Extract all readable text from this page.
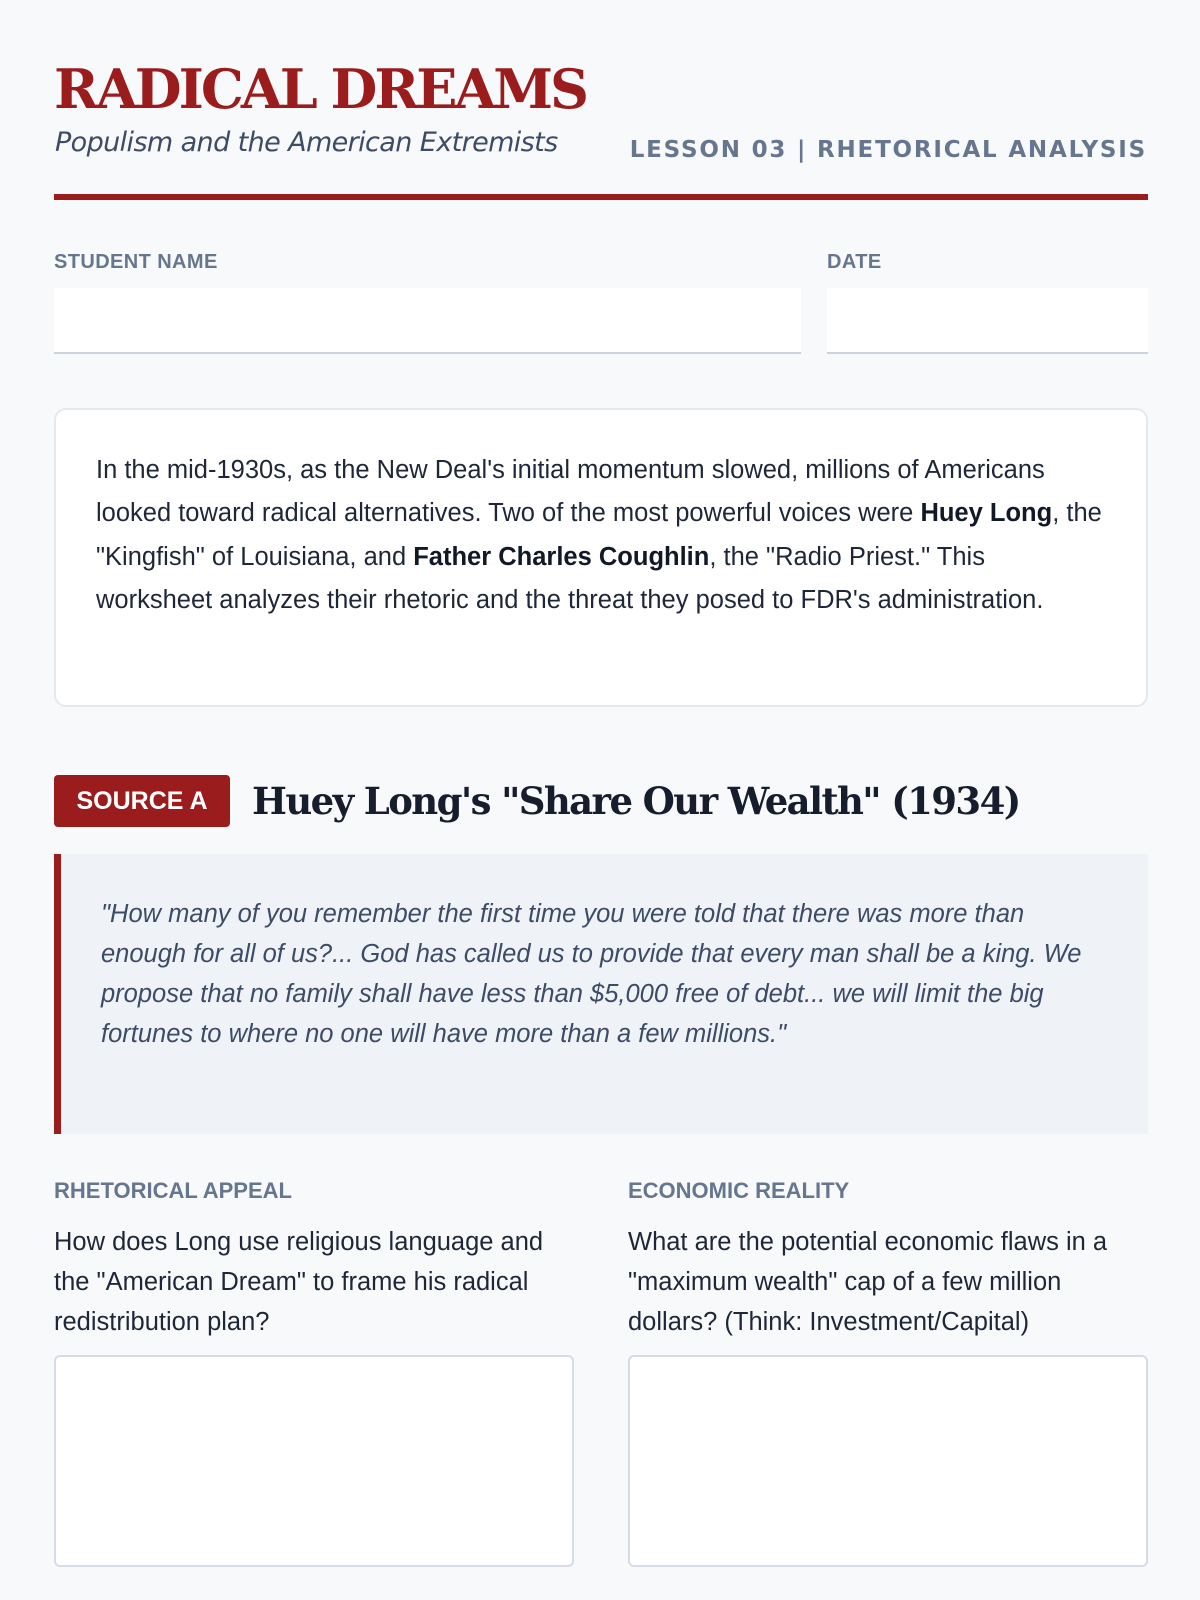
RADICAL DREAMS
Populism and the American Extremists	LESSON 03 | RHETORICAL ANALYSIS
STUDENT NAME	DATE

In the mid-1930s, as the New Deal's initial momentum slowed, millions of Americans looked toward radical alternatives. Two of the most powerful voices were Huey Long, the "Kingfish" of Louisiana, and Father Charles Coughlin, the "Radio Priest." This worksheet analyzes their rhetoric and the threat they posed to FDR's administration.

SOURCE A	Huey Long's "Share Our Wealth" (1934)

"How many of you remember the first time you were told that there was more than enough for all of us?... God has called us to provide that every man shall be a king. We propose that no family shall have less than $5,000 free of debt... we will limit the big fortunes to where no one will have more than a few millions."

RHETORICAL APPEAL

How does Long use religious language and the "American Dream" to frame his radical redistribution plan?

ECONOMIC REALITY

What are the potential economic flaws in a "maximum wealth" cap of a few million dollars? (Think: Investment/Capital)
